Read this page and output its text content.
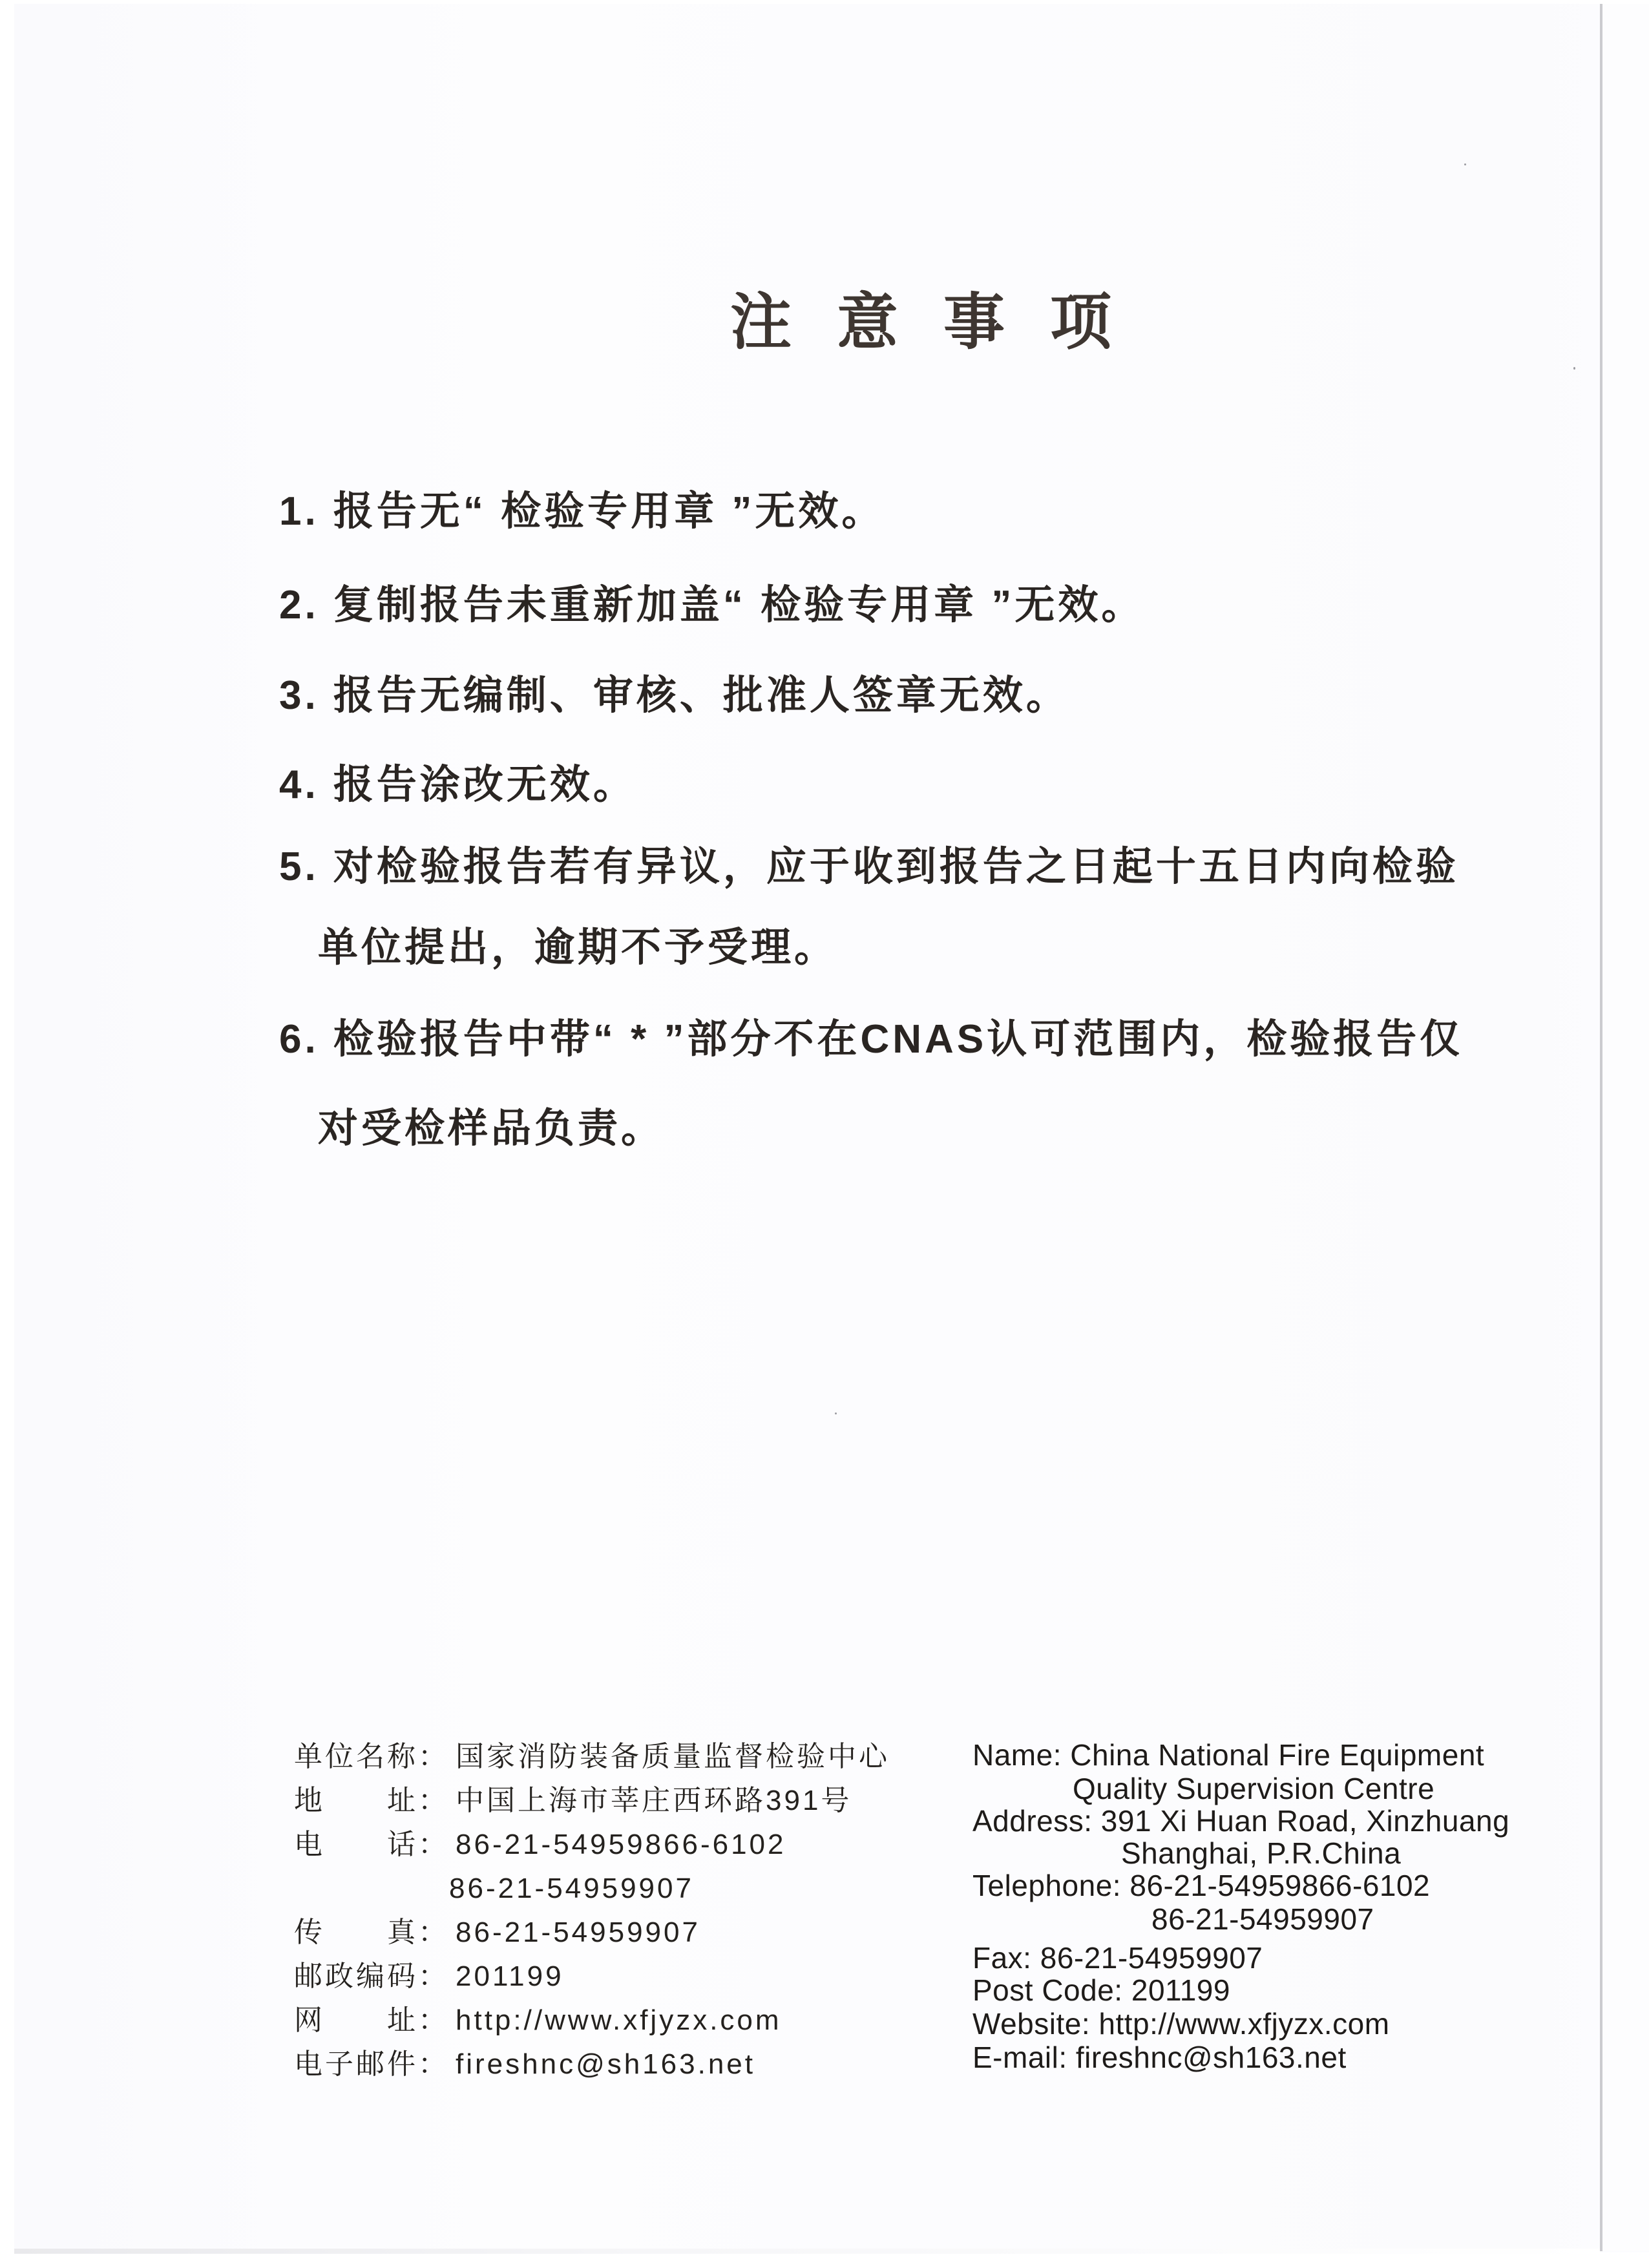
注意事项
1. 报告无“ 检验专用章 ”无效。
2. 复制报告未重新加盖“ 检验专用章 ”无效。
3. 报告无编制、审核、批准人签章无效。
4. 报告涂改无效。
5. 对检验报告若有异议，应于收到报告之日起十五日内向检验
单位提出，逾期不予受理。
6. 检验报告中带“ * ”部分不在CNAS认可范围内，检验报告仅
对受检样品负责。
单位名称： 国家消防装备质量监督检验中心
地　　址： 中国上海市莘庄西环路391号
电　　话： 86-21-54959866-6102
86-21-54959907
传　　真： 86-21-54959907
邮政编码： 201199
网　　址： http://www.xfjyzx.com
电子邮件： fireshnc@sh163.net
Name: China National Fire Equipment
Quality Supervision Centre
Address: 391 Xi Huan Road, Xinzhuang
Shanghai, P.R.China
Telephone: 86-21-54959866-6102
86-21-54959907
Fax: 86-21-54959907
Post Code: 201199
Website: http://www.xfjyzx.com
E-mail: fireshnc@sh163.net
